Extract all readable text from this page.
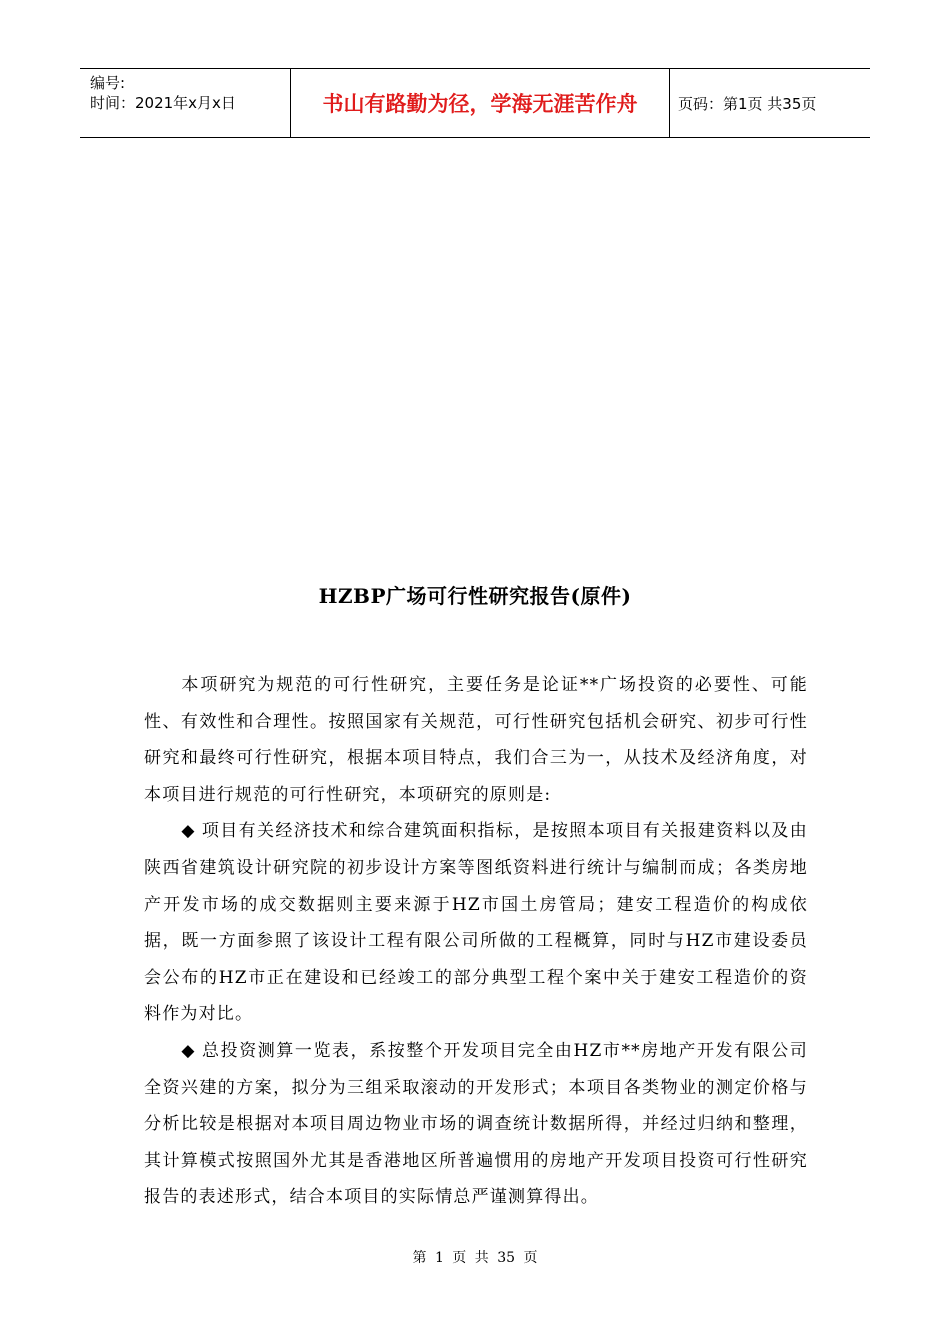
编号:
时间：2021年x月x日	书山有路勤为径，学海无涯苦作舟	页码：第1页 共35页
HZBP广场可行性研究报告(原件)

本项研究为规范的可行性研究，主要任务是论证**广场投资的必要性、可能性、有效性和合理性。按照国家有关规范，可行性研究包括机会研究、初步可行性研究和最终可行性研究，根据本项目特点，我们合三为一，从技术及经济角度，对本项目进行规范的可行性研究，本项研究的原则是:

◆ 项目有关经济技术和综合建筑面积指标，是按照本项目有关报建资料以及由陕西省建筑设计研究院的初步设计方案等图纸资料进行统计与编制而成；各类房地产开发市场的成交数据则主要来源于HZ市国土房管局；建安工程造价的构成依据，既一方面参照了该设计工程有限公司所做的工程概算，同时与HZ市建设委员会公布的HZ市正在建设和已经竣工的部分典型工程个案中关于建安工程造价的资料作为对比。

◆ 总投资测算一览表，系按整个开发项目完全由HZ市**房地产开发有限公司全资兴建的方案，拟分为三组采取滚动的开发形式；本项目各类物业的测定价格与分析比较是根据对本项目周边物业市场的调查统计数据所得，并经过归纳和整理，其计算模式按照国外尤其是香港地区所普遍惯用的房地产开发项目投资可行性研究报告的表述形式，结合本项目的实际情总严谨测算得出。

第 1 页 共 35 页
